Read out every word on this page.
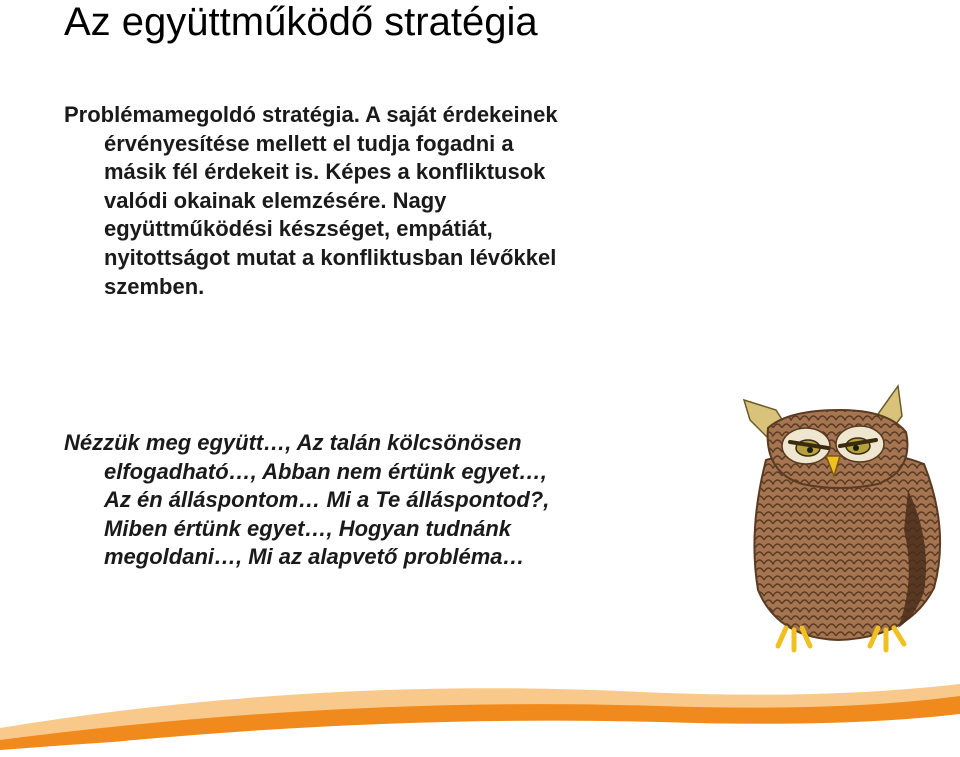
Az együttműködő stratégia

Problémamegoldó stratégia. A saját érdekeinek érvényesítése mellett el tudja fogadni a másik fél érdekeit is. Képes a konfliktusok valódi okainak elemzésére. Nagy együttműködési készséget, empátiát, nyitottságot mutat a konfliktusban lévőkkel szemben.

Nézzük meg együtt…, Az talán kölcsönösen elfogadható…, Abban nem értünk egyet…, Az én álláspontom… Mi a Te álláspontod?, Miben értünk egyet…, Hogyan tudnánk megoldani…, Mi az alapvető probléma…
